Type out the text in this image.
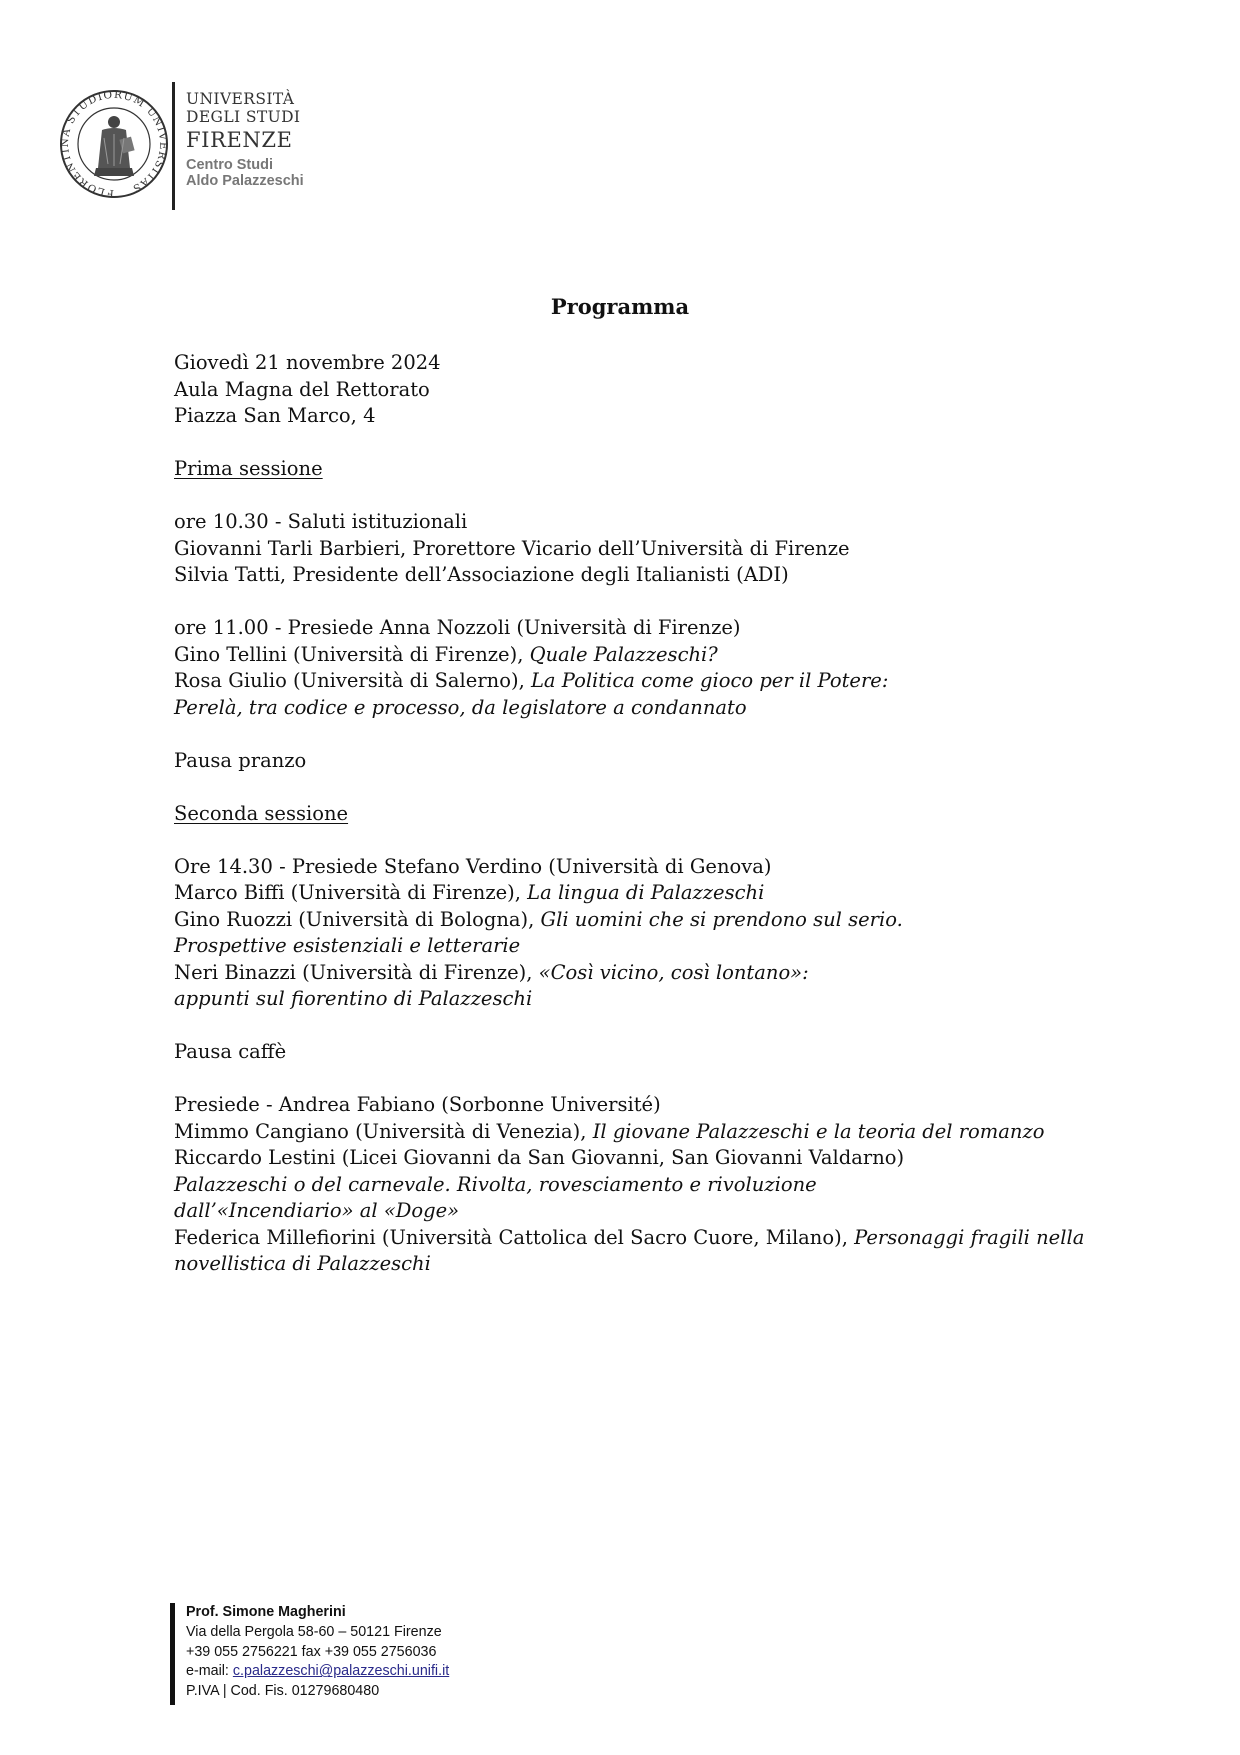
FLORENTINA STUDIORUM UNIVERSITAS
UNIVERSITÀ
DEGLI STUDI
FIRENZE
Centro Studi
Aldo Palazzeschi
Programma
Giovedì 21 novembre 2024
Aula Magna del Rettorato
Piazza San Marco, 4
Prima sessione
ore 10.30 - Saluti istituzionali
Giovanni Tarli Barbieri, Prorettore Vicario dell’Università di Firenze
Silvia Tatti, Presidente dell’Associazione degli Italianisti (ADI)
ore 11.00 - Presiede Anna Nozzoli (Università di Firenze)
Gino Tellini (Università di Firenze), Quale Palazzeschi?
Rosa Giulio (Università di Salerno), La Politica come gioco per il Potere:
Perelà, tra codice e processo, da legislatore a condannato
Pausa pranzo
Seconda sessione
Ore 14.30 - Presiede Stefano Verdino (Università di Genova)
Marco Biffi (Università di Firenze), La lingua di Palazzeschi
Gino Ruozzi (Università di Bologna), Gli uomini che si prendono sul serio.
Prospettive esistenziali e letterarie
Neri Binazzi (Università di Firenze), «Così vicino, così lontano»:
appunti sul fiorentino di Palazzeschi
Pausa caffè
Presiede - Andrea Fabiano (Sorbonne Université)
Mimmo Cangiano (Università di Venezia), Il giovane Palazzeschi e la teoria del romanzo
Riccardo Lestini (Licei Giovanni da San Giovanni, San Giovanni Valdarno)
Palazzeschi o del carnevale. Rivolta, rovesciamento e rivoluzione
dall’«Incendiario» al «Doge»
Federica Millefiorini (Università Cattolica del Sacro Cuore, Milano), Personaggi fragili nella
novellistica di Palazzeschi
Prof. Simone Magherini
Via della Pergola 58-60 – 50121 Firenze
+39 055 2756221 fax +39 055 2756036
e-mail: c.palazzeschi@palazzeschi.unifi.it
P.IVA | Cod. Fis. 01279680480
